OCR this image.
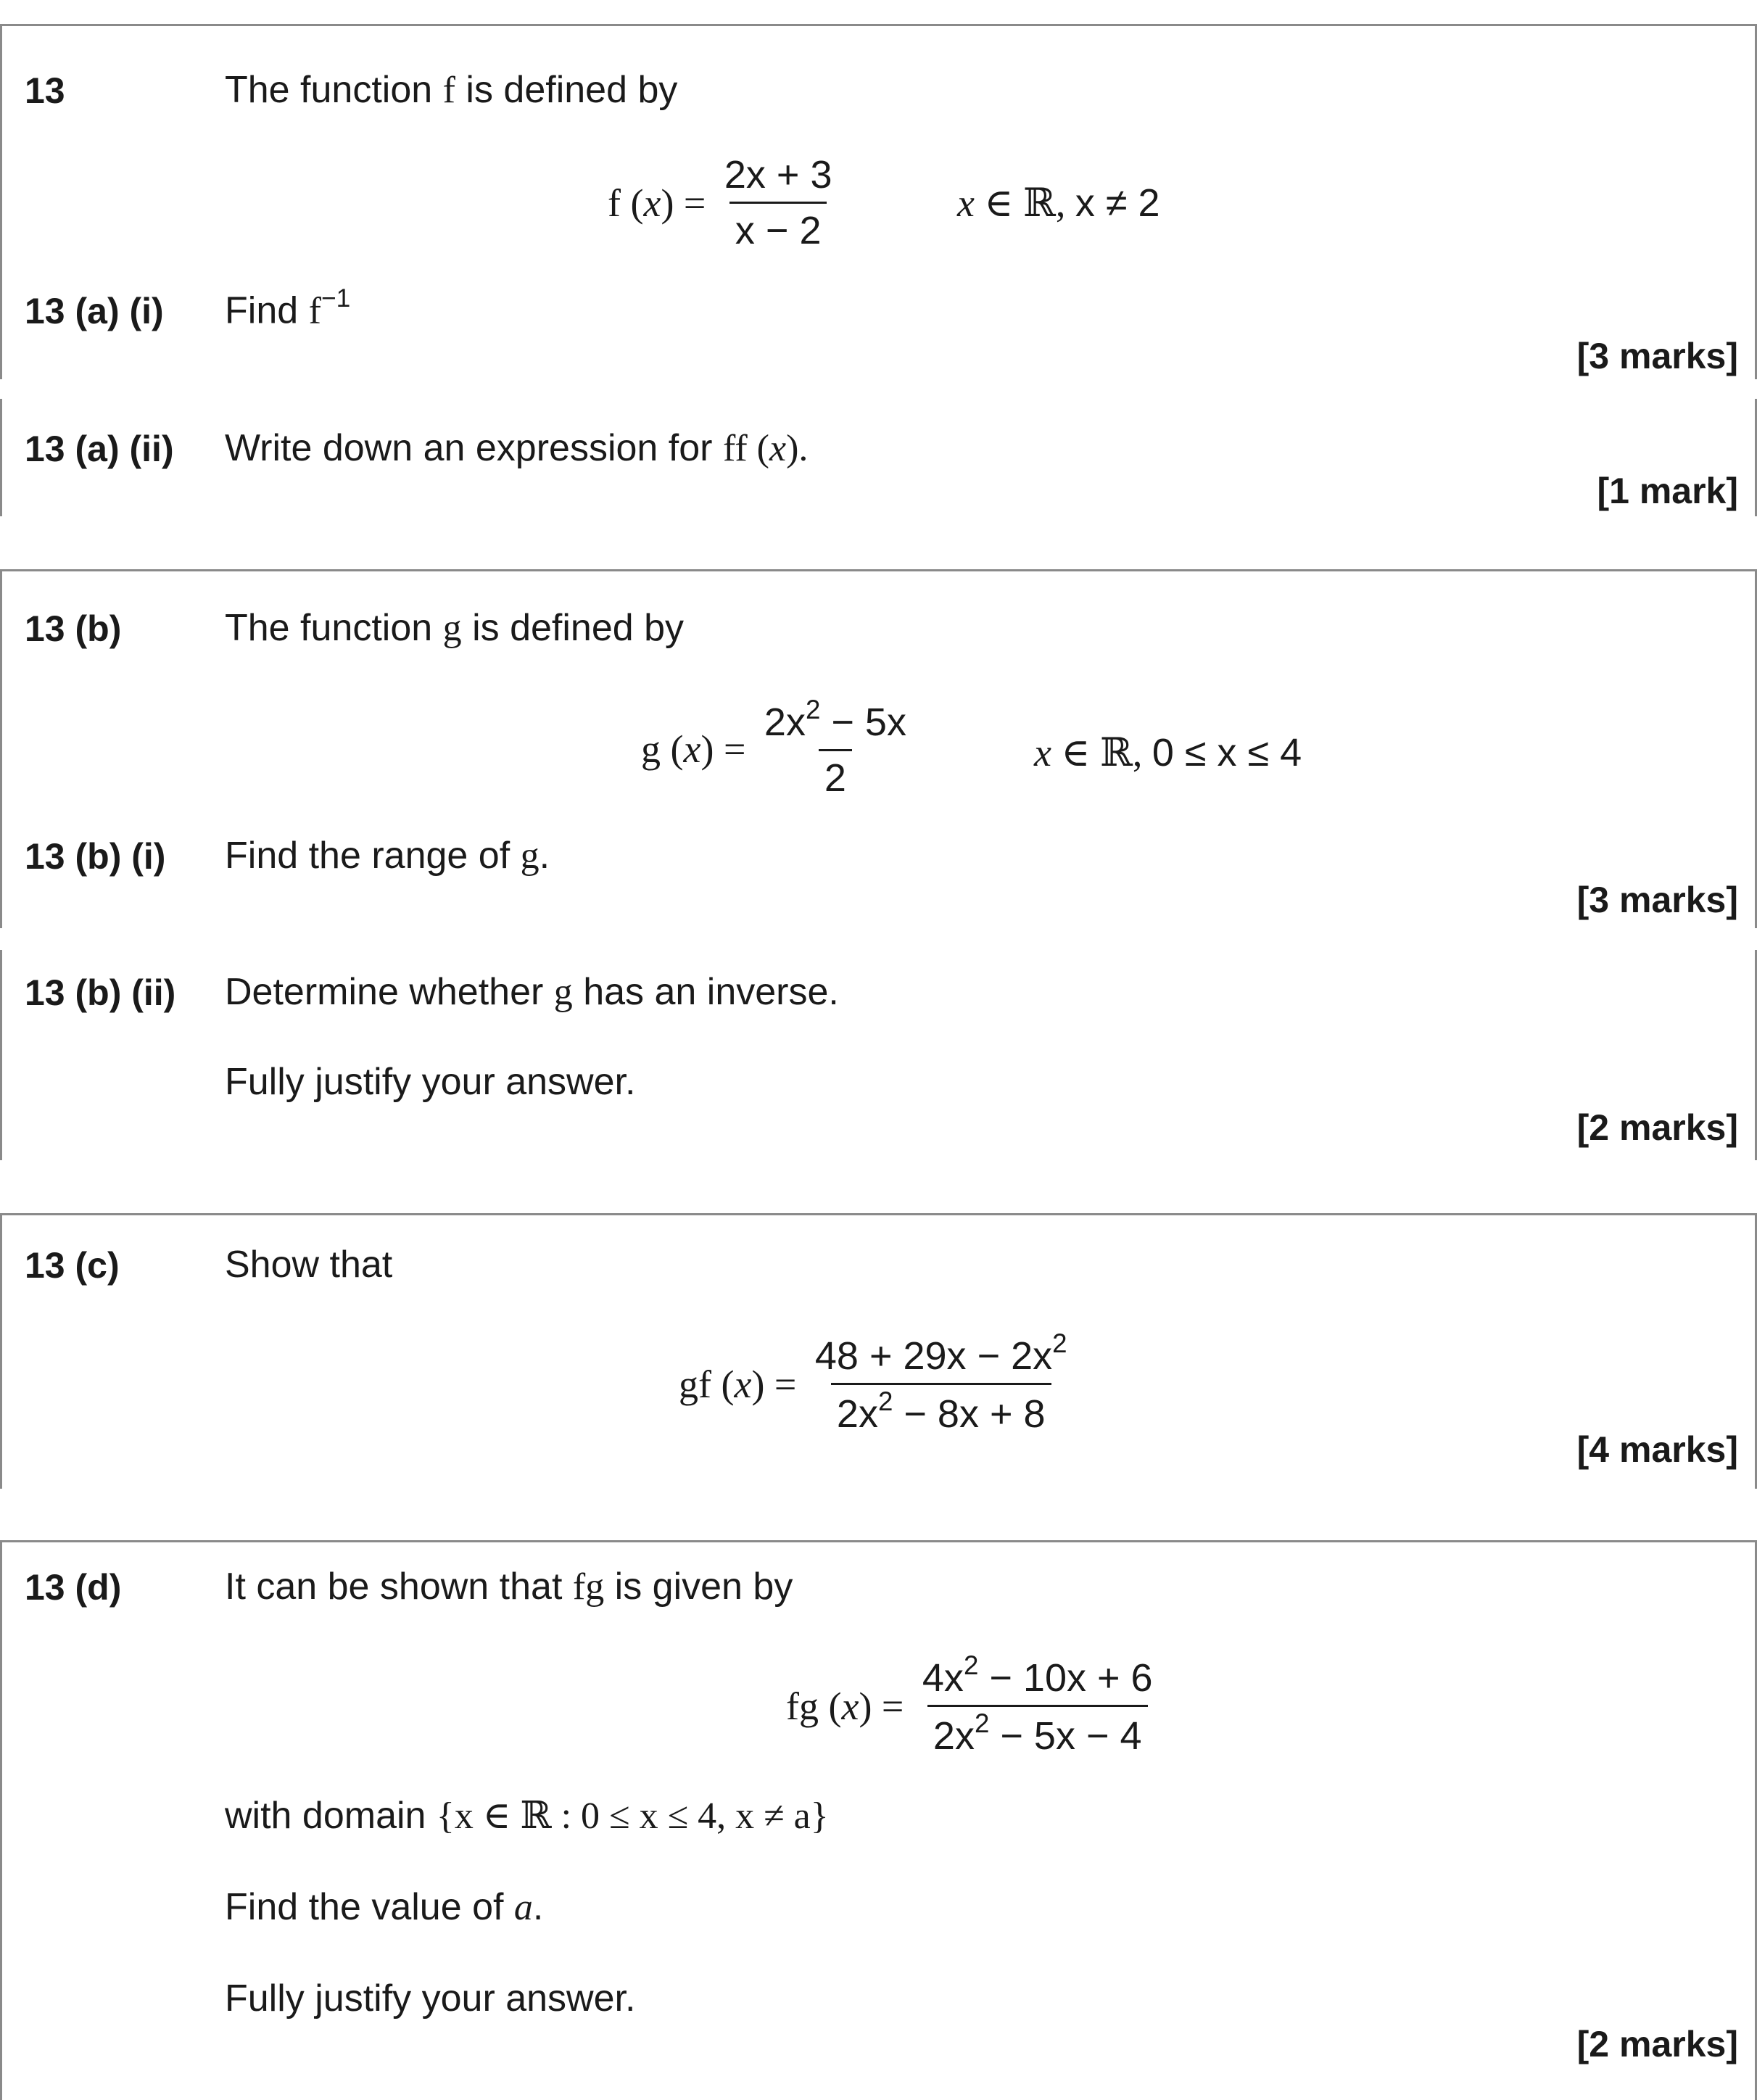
13	The function f is defined by
f ( x ) = $\frac{2x + 3}{x - 2}$	x ∈ ℝ , x ≠ 2
13 (a) (i) Find $f^{-1}$
[3 marks]
13 (a) (ii) Write down an expression for ff (x).
[1 mark]
13 (b)	The function g is defined by
g ( x ) = $\frac{2x^2 - 5x}{2}$	x ∈ ℝ , 0 ≤ x ≤ 4
13 (b) (i) Find the range of g.
[3 marks]
13 (b) (ii) Determine whether g has an inverse.
Fully justify your answer.
[2 marks]
13 (c)	Show that
gf ( x ) = $\frac{48 + 29x - 2x^2}{2x^2 - 8x + 8}$
[4 marks]
13 (d)	It can be shown that fg is given by
fg ( x ) = $\frac{4x^2 - 10x + 6}{2x^2 - 5x - 4}$
with domain {x ∈ ℝ : 0 ≤ x ≤ 4, x ≠ a}
Find the value of a.
Fully justify your answer.
[2 marks]
